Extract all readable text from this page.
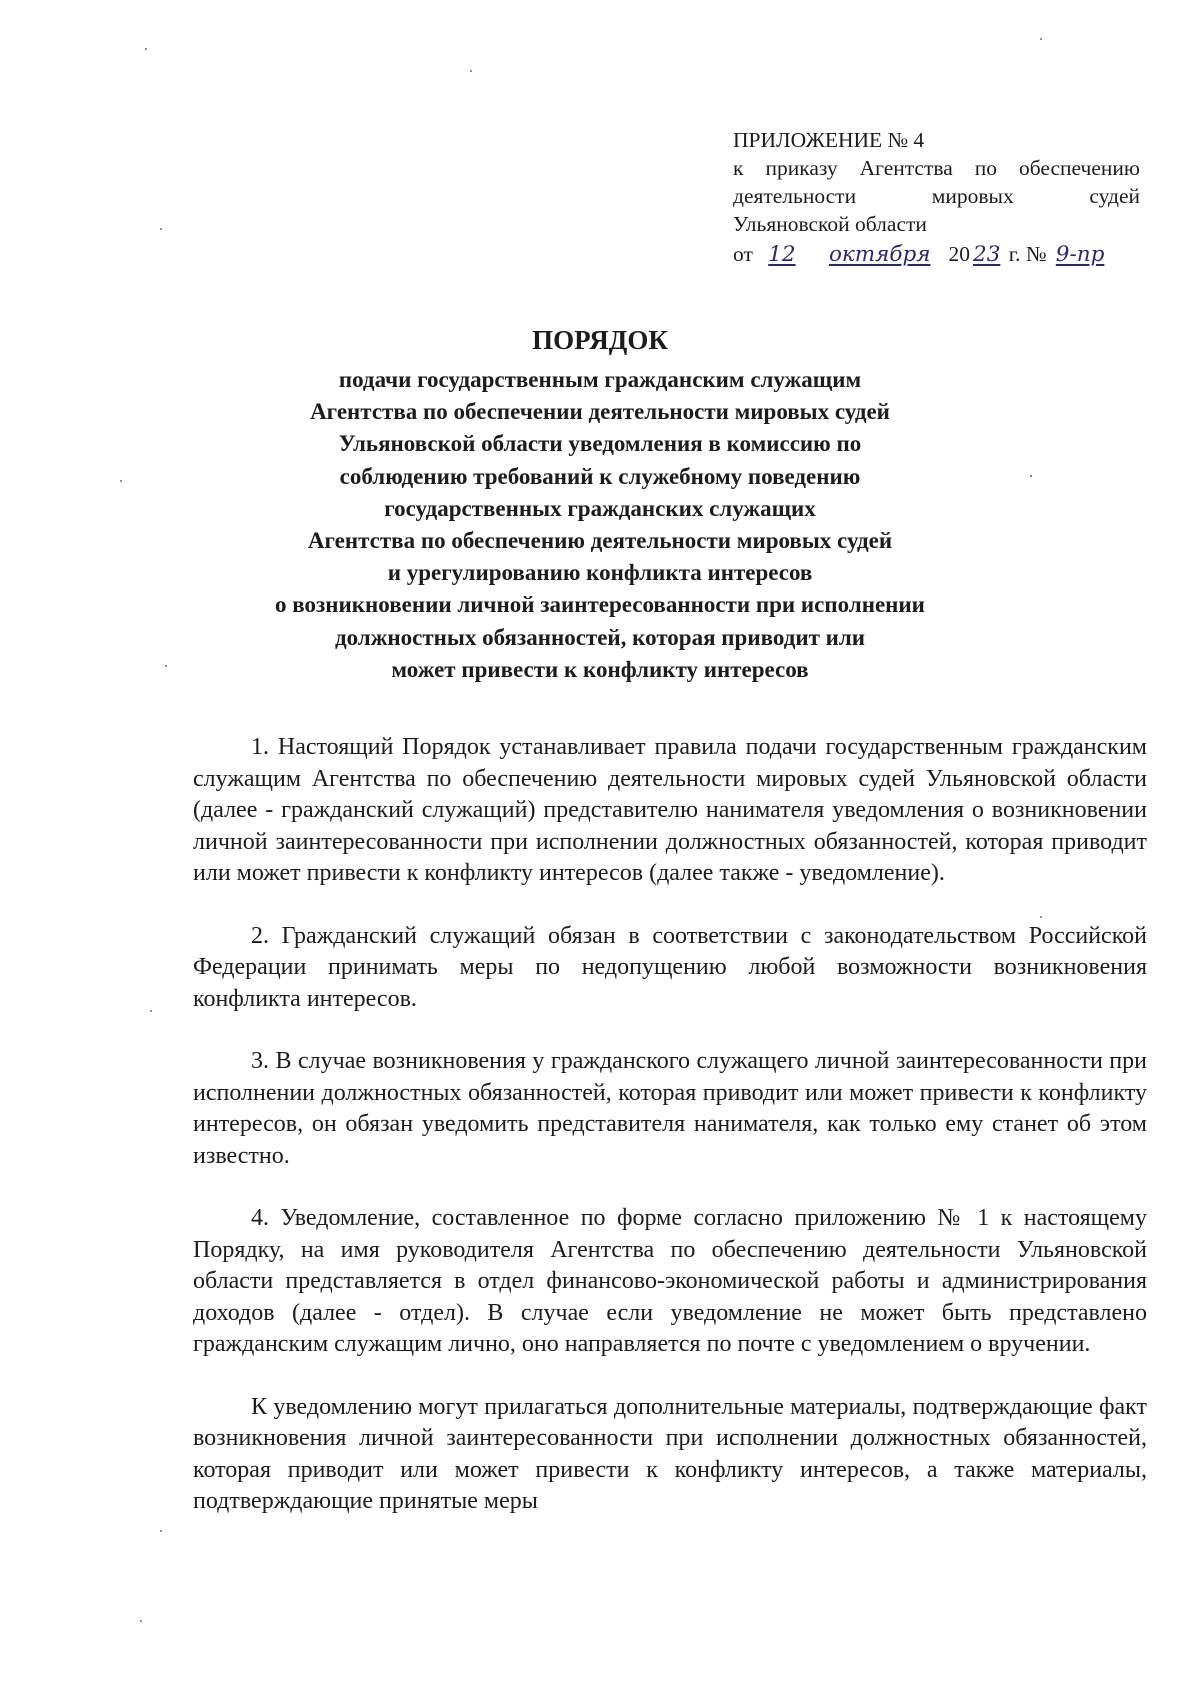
ПРИЛОЖЕНИЕ № 4
к приказу Агентства по обеспечению
деятельности	мировых	судей
Ульяновской области
от 12 октября 20 23 г. № 9-пр
ПОРЯДОК
подачи государственным гражданским служащим
Агентства по обеспечении деятельности мировых судей
Ульяновской области уведомления в комиссию по
соблюдению требований к служебному поведению
государственных гражданских служащих
Агентства по обеспечению деятельности мировых судей
и урегулированию конфликта интересов
о возникновении личной заинтересованности при исполнении
должностных обязанностей, которая приводит или
может привести к конфликту интересов

1. Настоящий Порядок устанавливает правила подачи государственным гражданским служащим Агентства по обеспечению деятельности мировых судей Ульяновской области (далее - гражданский служащий) представителю нанимателя уведомления о возникновении личной заинтересованности при исполнении должностных обязанностей, которая приводит или может привести к конфликту интересов (далее также - уведомление).

2. Гражданский служащий обязан в соответствии с законодательством Российской Федерации принимать меры по недопущению любой возможности возникновения конфликта интересов.

3. В случае возникновения у гражданского служащего личной заинтересованности при исполнении должностных обязанностей, которая приводит или может привести к конфликту интересов, он обязан уведомить представителя нанимателя, как только ему станет об этом известно.

4. Уведомление, составленное по форме согласно приложению № 1 к настоящему Порядку, на имя руководителя Агентства по обеспечению деятельности Ульяновской области представляется в отдел финансово-экономической работы и администрирования доходов (далее - отдел). В случае если уведомление не может быть представлено гражданским служащим лично, оно направляется по почте с уведомлением о вручении.

К уведомлению могут прилагаться дополнительные материалы, подтверждающие факт возникновения личной заинтересованности при исполнении должностных обязанностей, которая приводит или может привести к конфликту интересов, а также материалы, подтверждающие принятые меры
